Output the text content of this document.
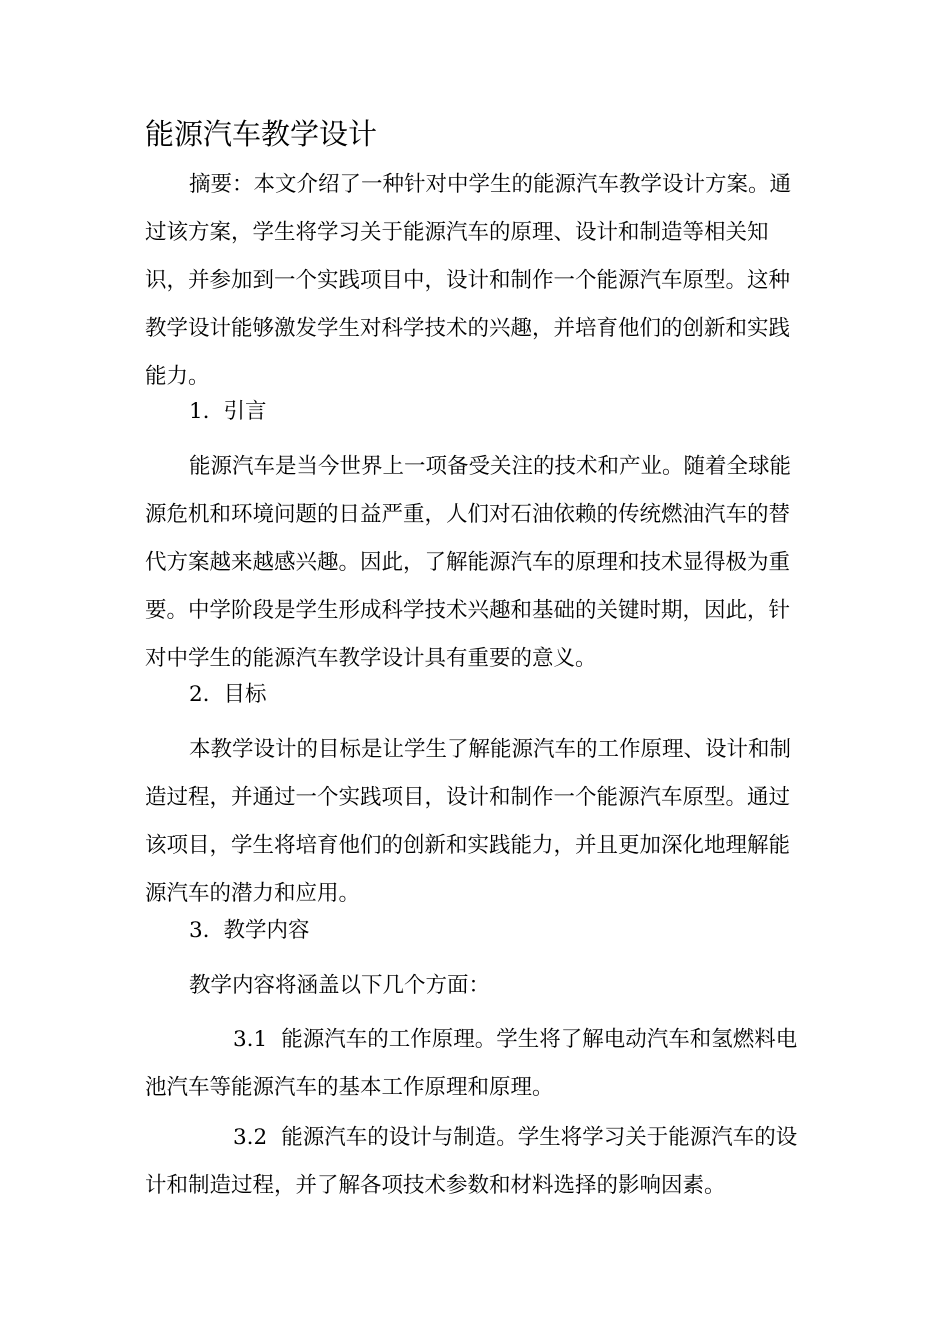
能源汽车教学设计

摘要：本文介绍了一种针对中学生的能源汽车教学设计方案。通过该方案，学生将学习关于能源汽车的原理、设计和制造等相关知识，并参加到一个实践项目中，设计和制作一个能源汽车原型。这种教学设计能够激发学生对科学技术的兴趣，并培育他们的创新和实践能力。

1. 引言

能源汽车是当今世界上一项备受关注的技术和产业。随着全球能源危机和环境问题的日益严重，人们对石油依赖的传统燃油汽车的替代方案越来越感兴趣。因此，了解能源汽车的原理和技术显得极为重要。中学阶段是学生形成科学技术兴趣和基础的关键时期，因此，针对中学生的能源汽车教学设计具有重要的意义。

2. 目标

本教学设计的目标是让学生了解能源汽车的工作原理、设计和制造过程，并通过一个实践项目，设计和制作一个能源汽车原型。通过该项目，学生将培育他们的创新和实践能力，并且更加深化地理解能源汽车的潜力和应用。

3. 教学内容

教学内容将涵盖以下几个方面：

3.1 能源汽车的工作原理。学生将了解电动汽车和氢燃料电池汽车等能源汽车的基本工作原理和原理。

3.2 能源汽车的设计与制造。学生将学习关于能源汽车的设计和制造过程，并了解各项技术参数和材料选择的影响因素。
